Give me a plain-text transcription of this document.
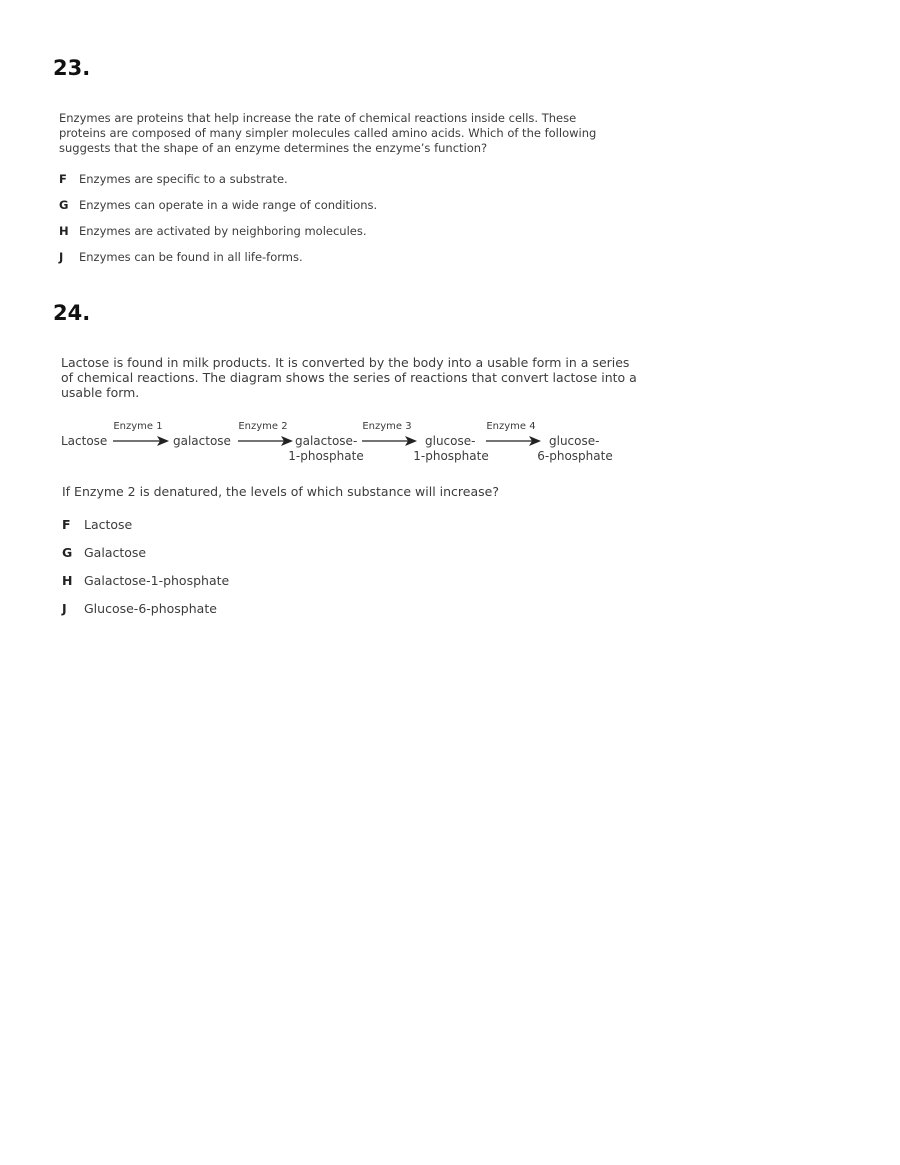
23.

Enzymes are proteins that help increase the rate of chemical reactions inside cells. These
proteins are composed of many simpler molecules called amino acids. Which of the following
suggests that the shape of an enzyme determines the enzyme’s function?

F Enzymes are specific to a substrate.
G Enzymes can operate in a wide range of conditions.
H Enzymes are activated by neighboring molecules.
J Enzymes can be found in all life-forms.
24.

Lactose is found in milk products. It is converted by the body into a usable form in a series
of chemical reactions. The diagram shows the series of reactions that convert lactose into a
usable form.

Enzyme 1	Enzyme 2	Enzyme 3	Enzyme 4
Lactose	galactose	galactose-
1-phosphate
glucose-
1-phosphate
glucose-
6-phosphate

If Enzyme 2 is denatured, the levels of which substance will increase?

F Lactose
G Galactose
H Galactose-1-phosphate
J Glucose-6-phosphate
